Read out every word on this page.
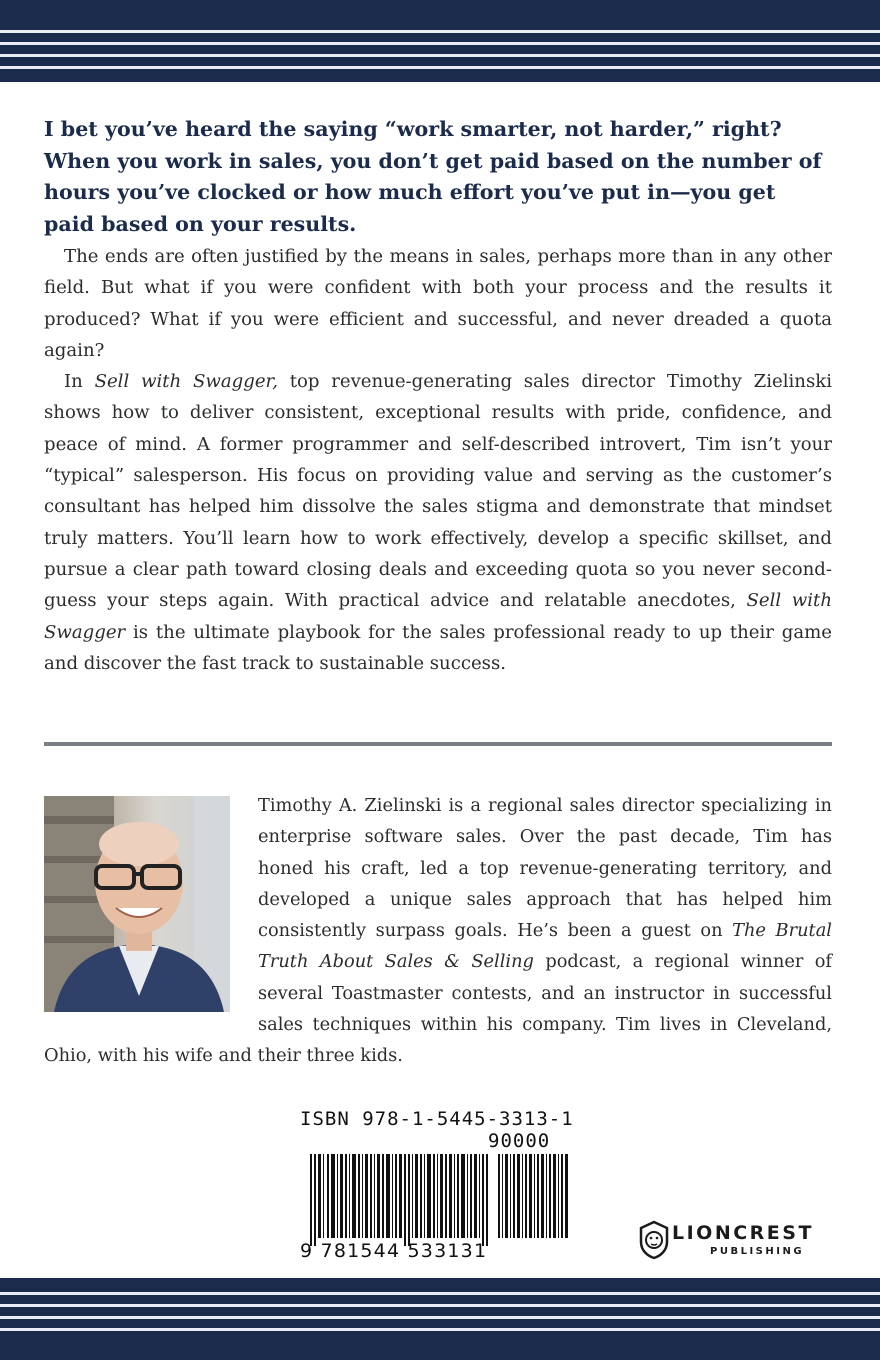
I bet you’ve heard the saying “work smarter, not harder,” right? When you work in sales, you don’t get paid based on the number of hours you’ve clocked or how much effort you’ve put in—you get paid based on your results.

The ends are often justified by the means in sales, perhaps more than in any other field. But what if you were confident with both your process and the results it produced? What if you were efficient and successful, and never dreaded a quota again?

In Sell with Swagger, top revenue-generating sales director Timothy Zielinski shows how to deliver consistent, exceptional results with pride, confidence, and peace of mind. A former programmer and self-described introvert, Tim isn’t your “typical” salesperson. His focus on providing value and serving as the customer’s consultant has helped him dissolve the sales stigma and demonstrate that mindset truly matters. You’ll learn how to work effectively, develop a specific skillset, and pursue a clear path toward closing deals and exceeding quota so you never second-guess your steps again. With practical advice and relatable anecdotes, Sell with Swagger is the ultimate playbook for the sales professional ready to up their game and discover the fast track to sustainable success.

Timothy A. Zielinski is a regional sales director specializing in enterprise software sales. Over the past decade, Tim has honed his craft, led a top revenue-generating territory, and developed a unique sales approach that has helped him consistently surpass goals. He’s been a guest on The Brutal Truth About Sales & Selling podcast, a regional winner of several Toastmaster contests, and an instructor in successful sales techniques within his company. Tim lives in Cleveland, Ohio, with his wife and their three kids.
ISBN 978-1-5445-3313-1
90000
9 781544 533131
LIONCREST
PUBLISHING
